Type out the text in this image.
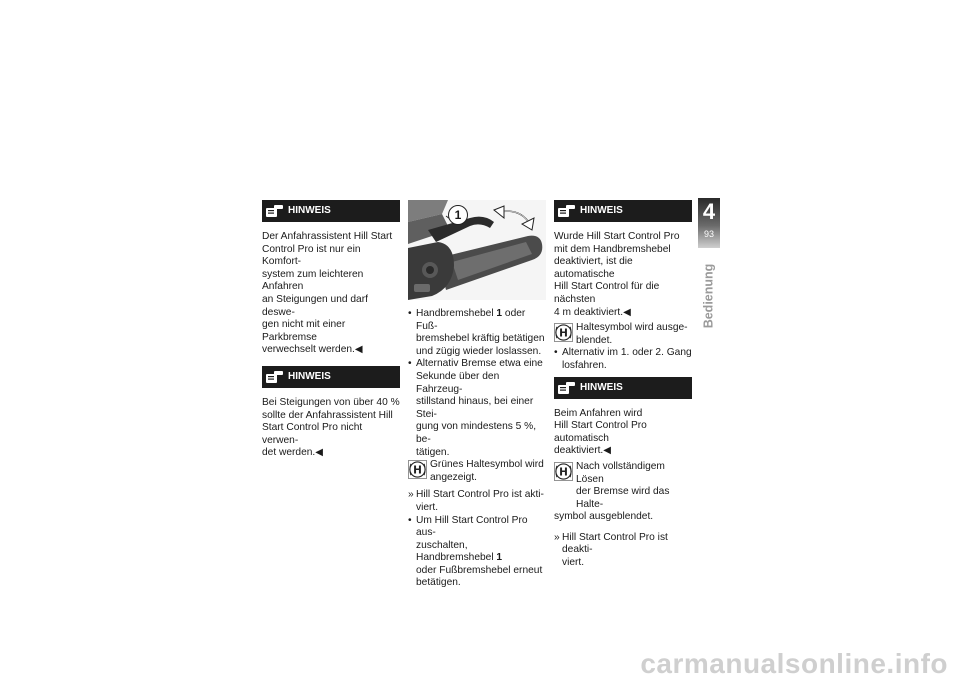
HINWEIS

Der Anfahrassistent Hill Start
Control Pro ist nur ein Komfort-
system zum leichteren Anfahren
an Steigungen und darf deswe-
gen nicht mit einer Parkbremse
verwechselt werden.◀

HINWEIS

Bei Steigungen von über 40 %
sollte der Anfahrassistent Hill
Start Control Pro nicht verwen-
det werden.◀

1
• Handbremshebel 1 oder Fuß-
bremshebel kräftig betätigen
und zügig wieder loslassen.
• Alternativ Bremse etwa eine
Sekunde über den Fahrzeug-
stillstand hinaus, bei einer Stei-
gung von mindestens 5 %, be-
tätigen.
H Grünes Haltesymbol wird
angezeigt.
» Hill Start Control Pro ist akti-
viert.
• Um Hill Start Control Pro aus-
zuschalten, Handbremshebel 1
oder Fußbremshebel erneut
betätigen.
HINWEIS

Wurde Hill Start Control Pro
mit dem Handbremshebel
deaktiviert, ist die automatische
Hill Start Control für die nächsten
4 m deaktiviert.◀

H Haltesymbol wird ausge-
blendet.
• Alternativ im 1. oder 2. Gang
losfahren.
HINWEIS

Beim Anfahren wird
Hill Start Control Pro automatisch
deaktiviert.◀

H Nach vollständigem Lösen
der Bremse wird das Halte-

symbol ausgeblendet.

» Hill Start Control Pro ist deakti-
viert.
4
93
Bedienung
carmanualsonline.info
